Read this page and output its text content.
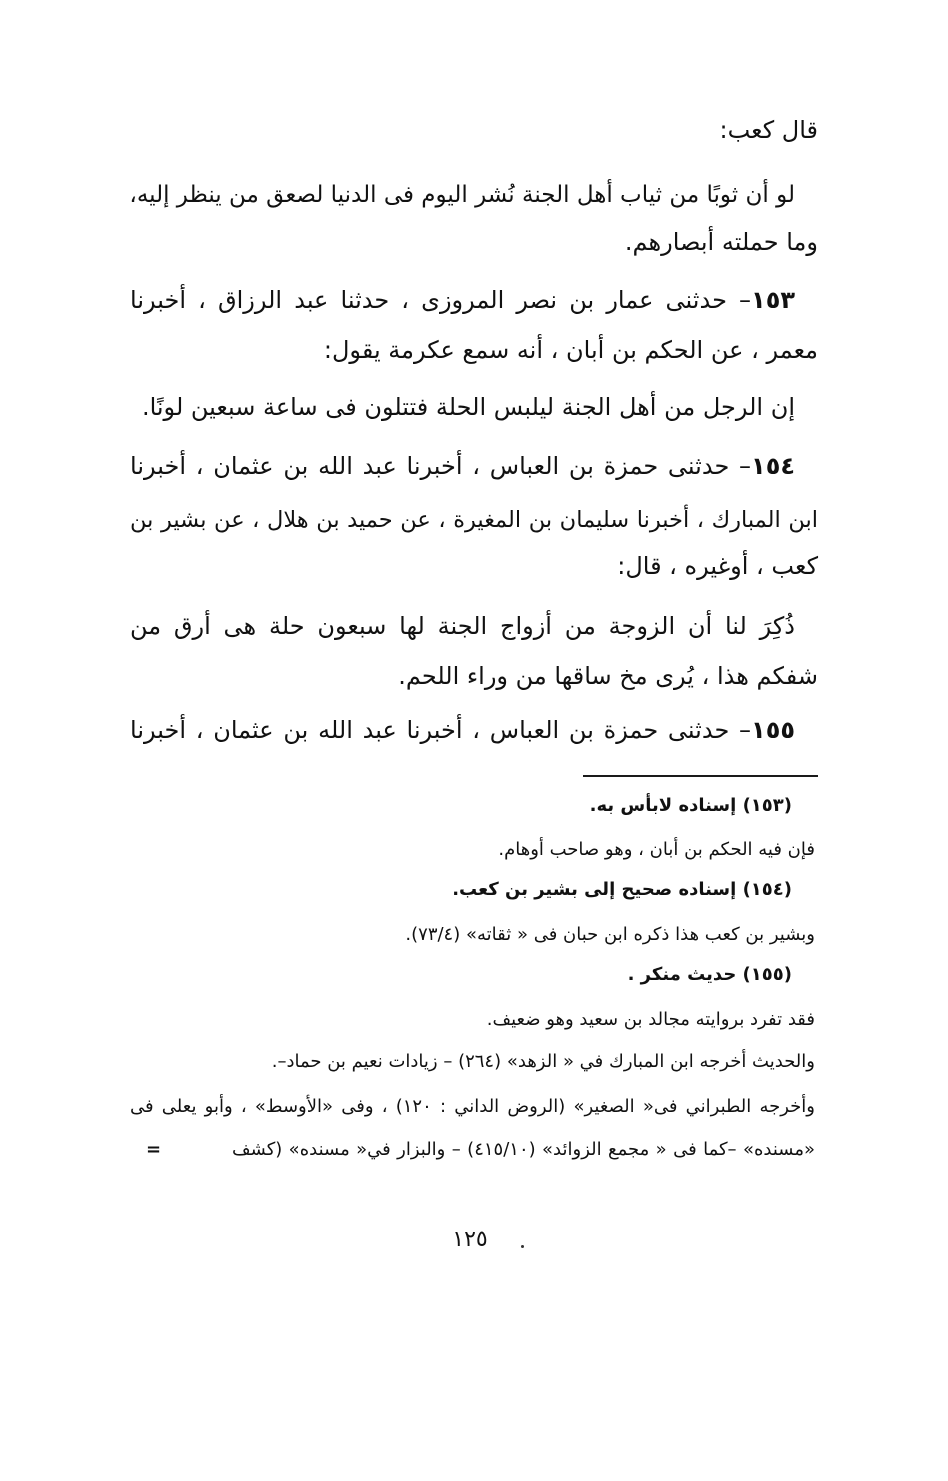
قال كعب:
لو أن ثوبًا من ثياب أهل الجنة نُشر اليوم فى الدنيا لصعق من ينظر إليه،
وما حملته أبصارهم.
١٥٣– حدثنى عمار بن نصر المروزى ، حدثنا عبد الرزاق ، أخبرنا
معمر ، عن الحكم بن أبان ، أنه سمع عكرمة يقول:
إن الرجل من أهل الجنة ليلبس الحلة فتتلون فى ساعة سبعين لونًا.
١٥٤– حدثنى حمزة بن العباس ، أخبرنا عبد الله بن عثمان ، أخبرنا
ابن المبارك ، أخبرنا سليمان بن المغيرة ، عن حميد بن هلال ، عن بشير بن
كعب ، أوغيره ، قال:
ذُكِرَ لنا أن الزوجة من أزواج الجنة لها سبعون حلة هى أرق من
شفكم هذا ، يُرى مخ ساقها من وراء اللحم.
١٥٥– حدثنى حمزة بن العباس ، أخبرنا عبد الله بن عثمان ، أخبرنا
(١٥٣) إسناده لابأس به.
فإن فيه الحكم بن أبان ، وهو صاحب أوهام.
(١٥٤) إسناده صحيح إلى بشير بن كعب.
وبشير بن كعب هذا ذكره ابن حبان فى « ثقاته» (٧٣/٤).
(١٥٥) حديث منكر .
فقد تفرد بروايته مجالد بن سعيد وهو ضعيف.
والحديث أخرجه ابن المبارك في « الزهد» (٢٦٤) – زيادات نعيم بن حماد–.
وأخرجه الطبراني فى« الصغير» (الروض الداني : ١٢٠) ، وفى «الأوسط» ، وأبو يعلى فى
«مسنده» –كما فى « مجمع الزوائد» (٤١٥/١٠) – والبزار في« مسنده» (كشف
=
١٢٥
